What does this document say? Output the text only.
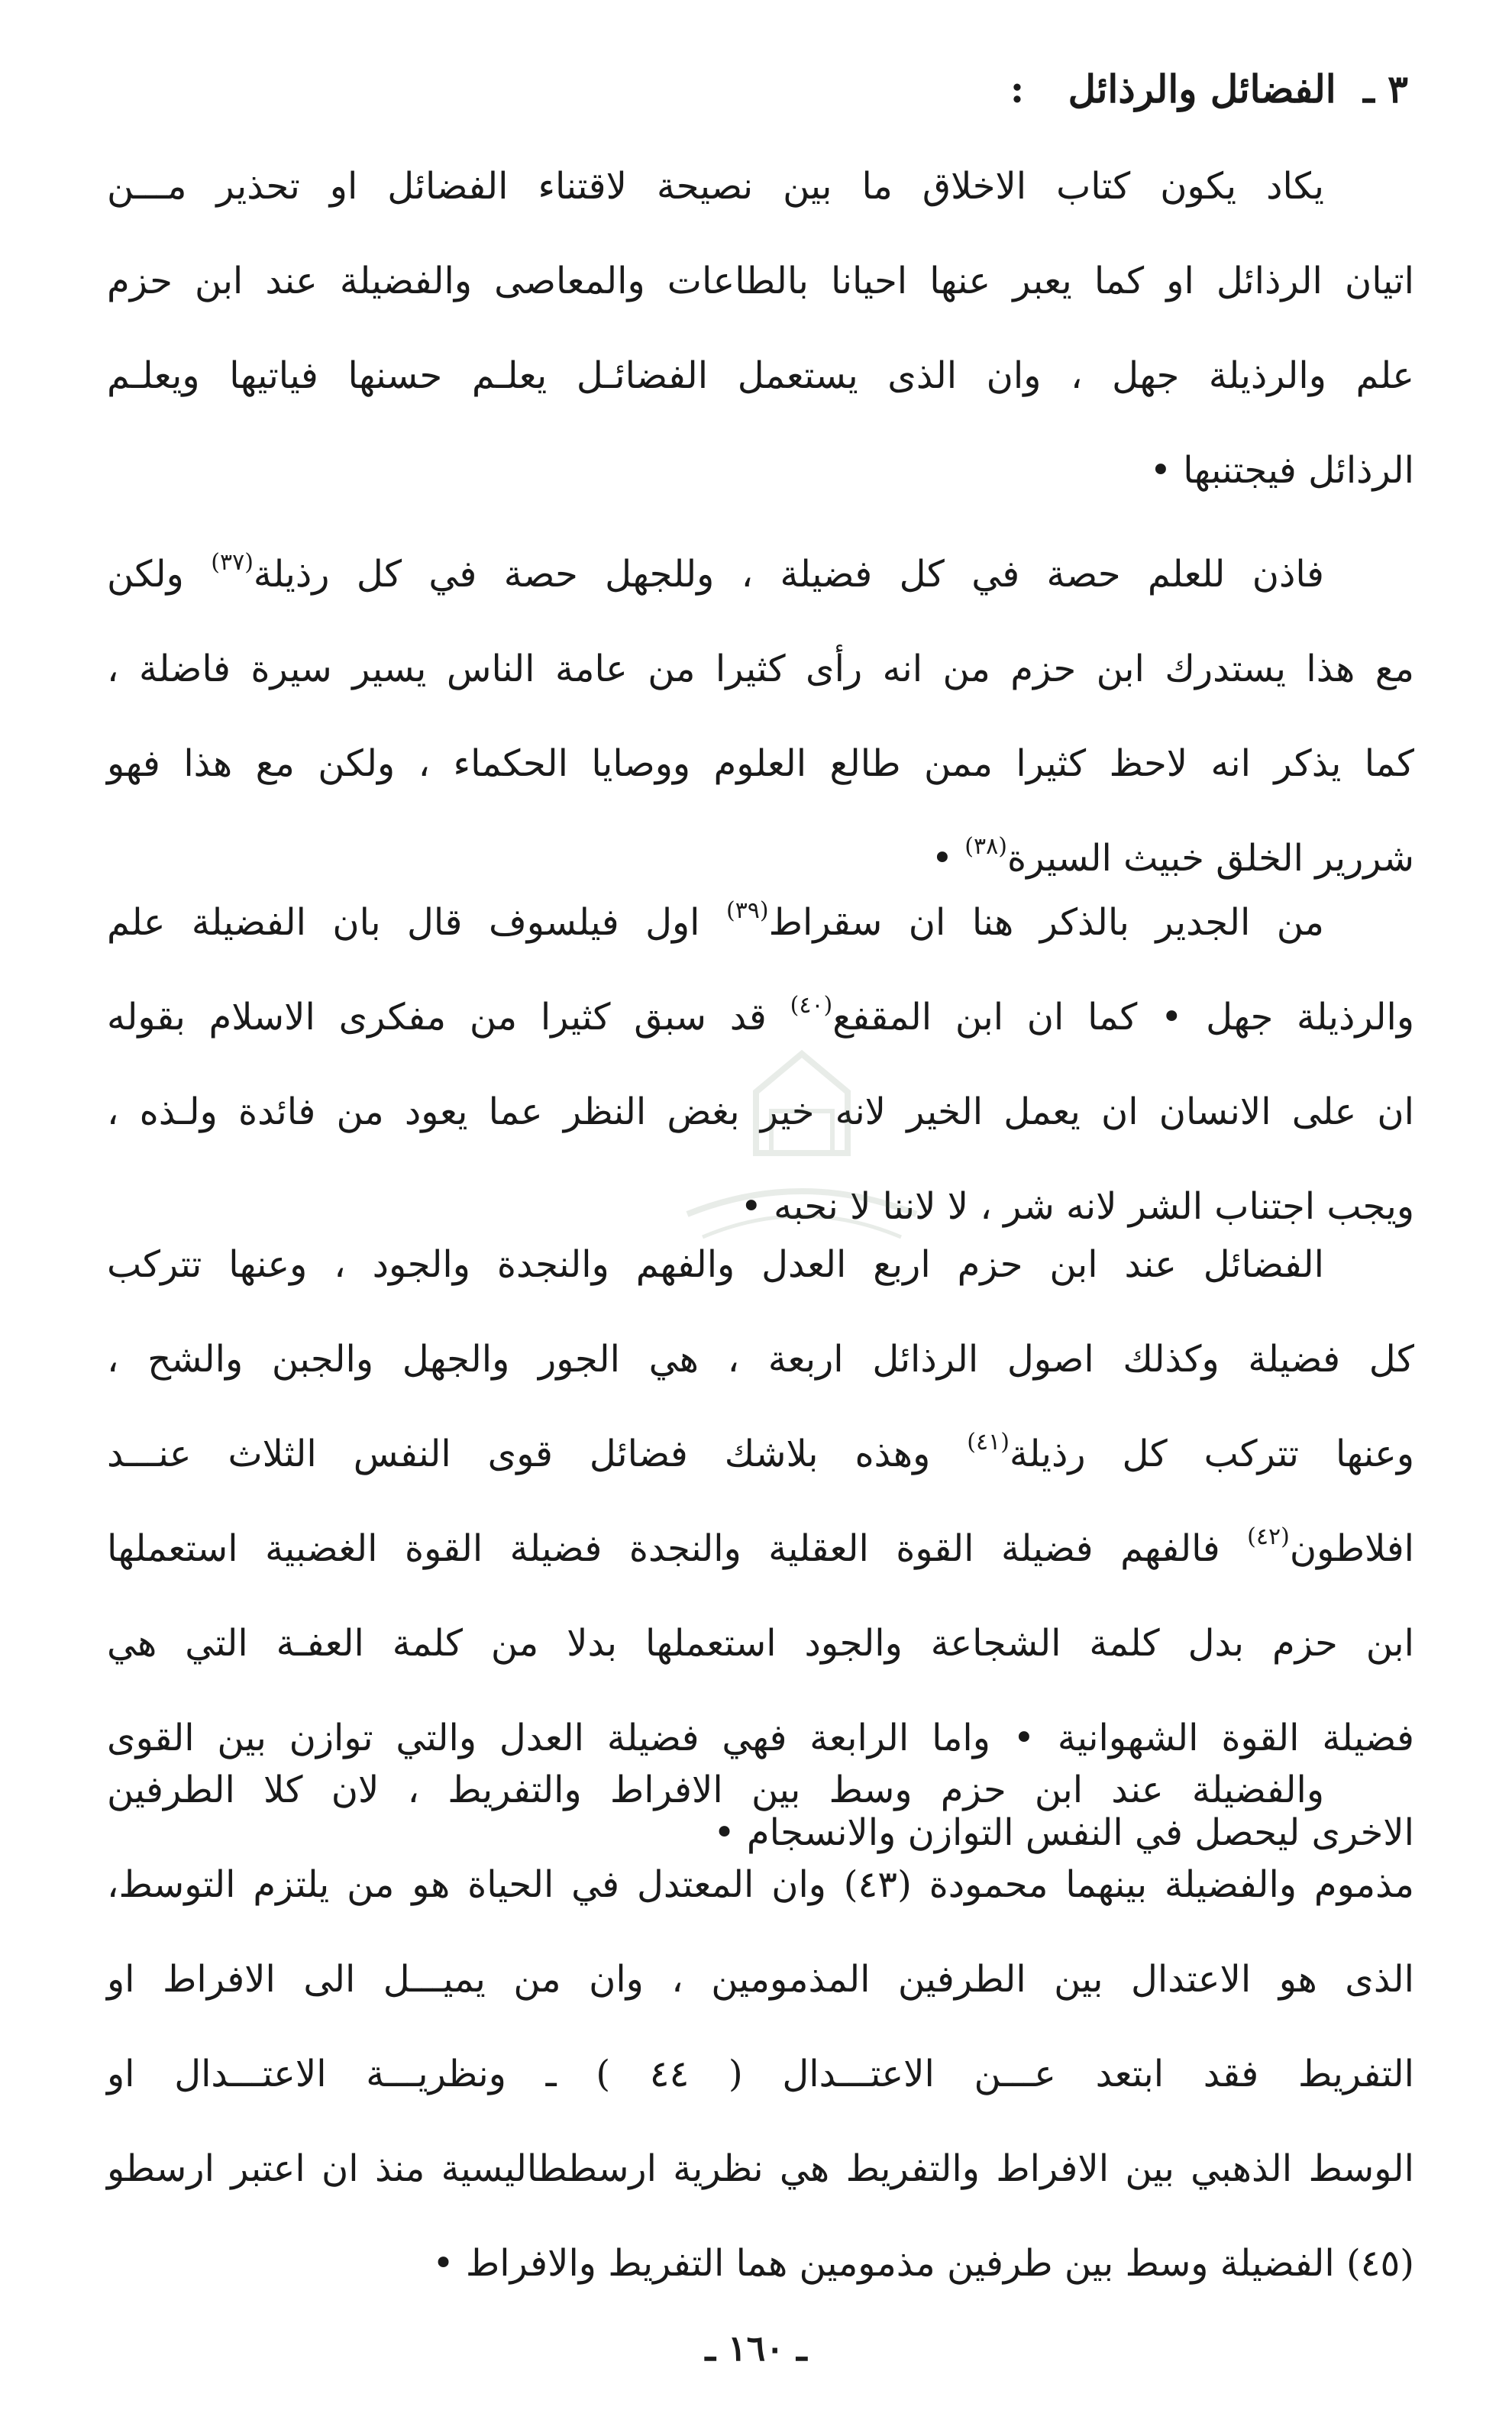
٣ ـ الفضائل والرذائل :
يكاد يكون كتاب الاخلاق ما بين نصيحة لاقتناء الفضائل او تحذير مـــن
اتيان الرذائل او كما يعبر عنها احيانا بالطاعات والمعاصى والفضيلة عند ابن حزم
علم والرذيلة جهل ، وان الذى يستعمل الفضائـل يعلـم حسنها فياتيها ويعلـم
الرذائل فيجتنبها •
فاذن للعلم حصة في كل فضيلة ، وللجهل حصة في كل رذيلة$^{(٣٧)}$ ولكن
مع هذا يستدرك ابن حزم من انه رأى كثيرا من عامة الناس يسير سيرة فاضلة ،
كما يذكر انه لاحظ كثيرا ممن طالع العلوم ووصايا الحكماء ، ولكن مع هذا فهو
شررير الخلق خبيث السيرة$^{(٣٨)}$ •
من الجدير بالذكر هنا ان سقراط$^{(٣٩)}$ اول فيلسوف قال بان الفضيلة علم
والرذيلة جهل • كما ان ابن المقفع$^{(٤٠)}$ قد سبق كثيرا من مفكرى الاسلام بقوله
ان على الانسان ان يعمل الخير لانه خير بغض النظر عما يعود من فائدة ولـذه ،
ويجب اجتناب الشر لانه شر ، لا لاننا لا نحبه •
الفضائل عند ابن حزم اربع العدل والفهم والنجدة والجود ، وعنها تتركب
كل فضيلة وكذلك اصول الرذائل اربعة ، هي الجور والجهل والجبن والشح ،
وعنها تتركب كل رذيلة$^{(٤١)}$ وهذه بلاشك فضائل قوى النفس الثلاث عنـــد
افلاطون$^{(٤٢)}$ فالفهم فضيلة القوة العقلية والنجدة فضيلة القوة الغضبية استعملها
ابن حزم بدل كلمة الشجاعة والجود استعملها بدلا من كلمة العفـة التي هي
فضيلة القوة الشهوانية • واما الرابعة فهي فضيلة العدل والتي توازن بين القوى
الاخرى ليحصل في النفس التوازن والانسجام •
والفضيلة عند ابن حزم وسط بين الافراط والتفريط ، لان كلا الطرفين
مذموم والفضيلة بينهما محمودة (٤٣) وان المعتدل في الحياة هو من يلتزم التوسط،
الذى هو الاعتدال بين الطرفين المذمومين ، وان من يميـــل الى الافراط او
التفريط فقد ابتعد عـــن الاعتـــدال ( ٤٤ ) ـ ونظريـــة الاعتـــدال او
الوسط الذهبي بين الافراط والتفريط هي نظرية ارسططاليسية منذ ان اعتبر ارسطو
(٤٥) الفضيلة وسط بين طرفين مذمومين هما التفريط والافراط •
ـ ١٦٠ ـ
